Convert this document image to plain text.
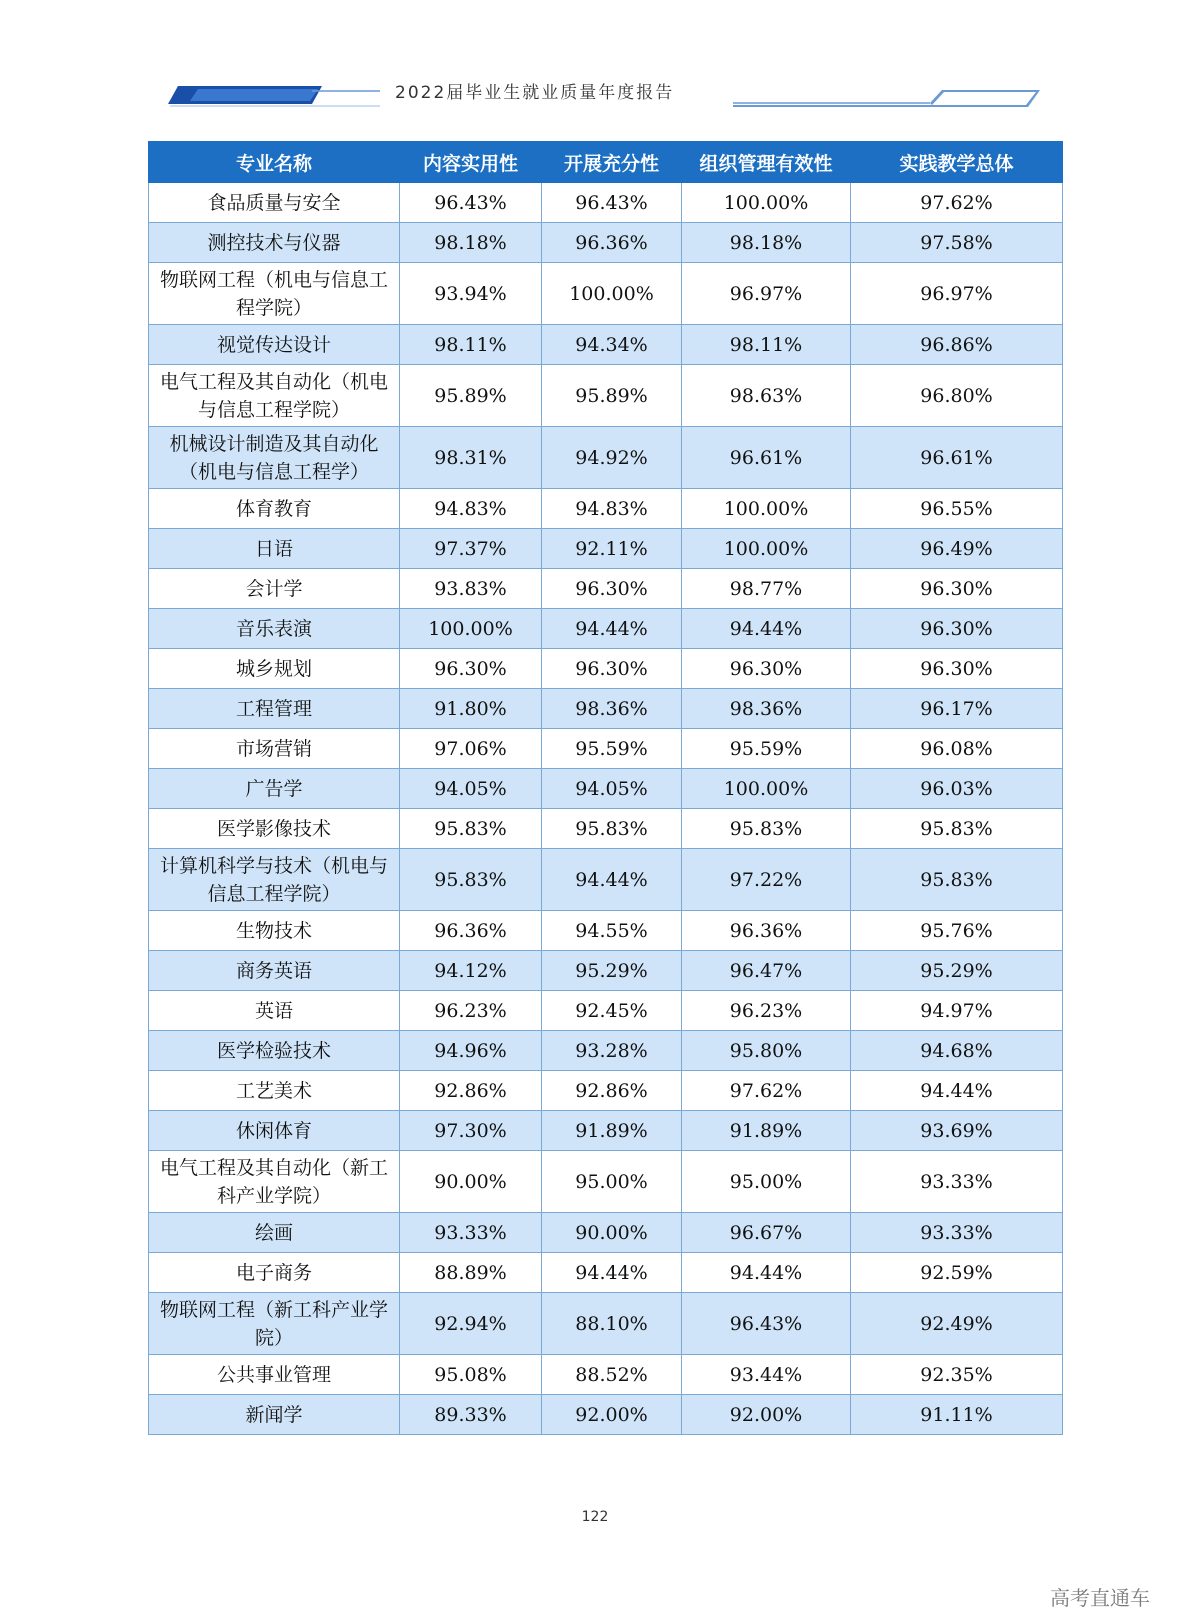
2022届毕业生就业质量年度报告
专业名称	内容实用性	开展充分性	组织管理有效性	实践教学总体
食品质量与安全	96.43%	96.43%	100.00%	97.62%
测控技术与仪器	98.18%	96.36%	98.18%	97.58%
物联网工程（机电与信息工程学院）	93.94%	100.00%	96.97%	96.97%
视觉传达设计	98.11%	94.34%	98.11%	96.86%
电气工程及其自动化（机电与信息工程学院）	95.89%	95.89%	98.63%	96.80%
机械设计制造及其自动化（机电与信息工程学）	98.31%	94.92%	96.61%	96.61%
体育教育	94.83%	94.83%	100.00%	96.55%
日语	97.37%	92.11%	100.00%	96.49%
会计学	93.83%	96.30%	98.77%	96.30%
音乐表演	100.00%	94.44%	94.44%	96.30%
城乡规划	96.30%	96.30%	96.30%	96.30%
工程管理	91.80%	98.36%	98.36%	96.17%
市场营销	97.06%	95.59%	95.59%	96.08%
广告学	94.05%	94.05%	100.00%	96.03%
医学影像技术	95.83%	95.83%	95.83%	95.83%
计算机科学与技术（机电与信息工程学院）	95.83%	94.44%	97.22%	95.83%
生物技术	96.36%	94.55%	96.36%	95.76%
商务英语	94.12%	95.29%	96.47%	95.29%
英语	96.23%	92.45%	96.23%	94.97%
医学检验技术	94.96%	93.28%	95.80%	94.68%
工艺美术	92.86%	92.86%	97.62%	94.44%
休闲体育	97.30%	91.89%	91.89%	93.69%
电气工程及其自动化（新工科产业学院）	90.00%	95.00%	95.00%	93.33%
绘画	93.33%	90.00%	96.67%	93.33%
电子商务	88.89%	94.44%	94.44%	92.59%
物联网工程（新工科产业学院）	92.94%	88.10%	96.43%	92.49%
公共事业管理	95.08%	88.52%	93.44%	92.35%
新闻学	89.33%	92.00%	92.00%	91.11%
122
高考直通车
